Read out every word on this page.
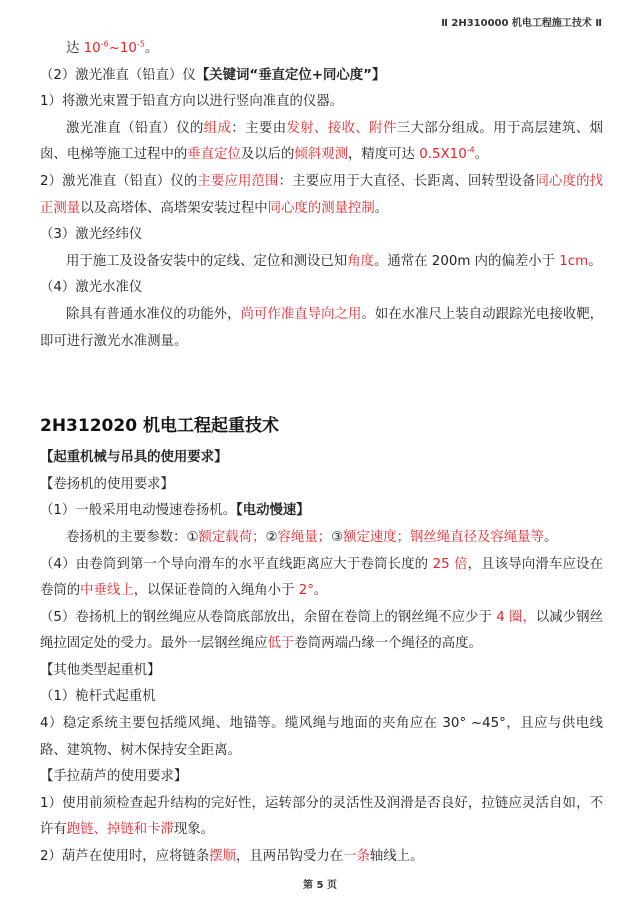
Ⅱ 2H310000 机电工程施工技术 Ⅱ

达 $10^{-6}\sim 10^{-5}$。

（2）激光准直（铅直）仪【关键词“垂直定位+同心度”】

1）将激光束置于铅直方向以进行竖向准直的仪器。

激光准直（铅直）仪的组成：主要由发射、接收、附件三大部分组成。用于高层建筑、烟囱、电梯等施工过程中的垂直定位及以后的倾斜观测，精度可达 $0.5X10^{-4}$。

2）激光准直（铅直）仪的主要应用范围：主要应用于大直径、长距离、回转型设备同心度的找正测量以及高塔体、高塔架安装过程中同心度的测量控制。

（3）激光经纬仪

用于施工及设备安装中的定线、定位和测设已知角度。通常在 200m 内的偏差小于 1cm。

（4）激光水准仪

除具有普通水准仪的功能外，尚可作准直导向之用。如在水准尺上装自动跟踪光电接收靶，即可进行激光水准测量。

2H312020 机电工程起重技术

【起重机械与吊具的使用要求】

【卷扬机的使用要求】

（1）一般采用电动慢速卷扬机。【电动慢速】

卷扬机的主要参数：①额定载荷；②容绳量；③额定速度；钢丝绳直径及容绳量等。

（4）由卷筒到第一个导向滑车的水平直线距离应大于卷筒长度的 25 倍，且该导向滑车应设在卷筒的中垂线上，以保证卷筒的入绳角小于 2°。

（5）卷扬机上的钢丝绳应从卷筒底部放出，余留在卷筒上的钢丝绳不应少于 4 圈，以减少钢丝绳拉固定处的受力。最外一层钢丝绳应低于卷筒两端凸缘一个绳径的高度。

【其他类型起重机】

（1）桅杆式起重机

4）稳定系统主要包括缆风绳、地锚等。缆风绳与地面的夹角应在 30° ~45°，且应与供电线路、建筑物、树木保持安全距离。

【手拉葫芦的使用要求】

1）使用前须检查起升结构的完好性，运转部分的灵活性及润滑是否良好，拉链应灵活自如，不许有跑链、掉链和卡滞现象。

2）葫芦在使用时，应将链条摆顺，且两吊钩受力在一条轴线上。

第 5 页
